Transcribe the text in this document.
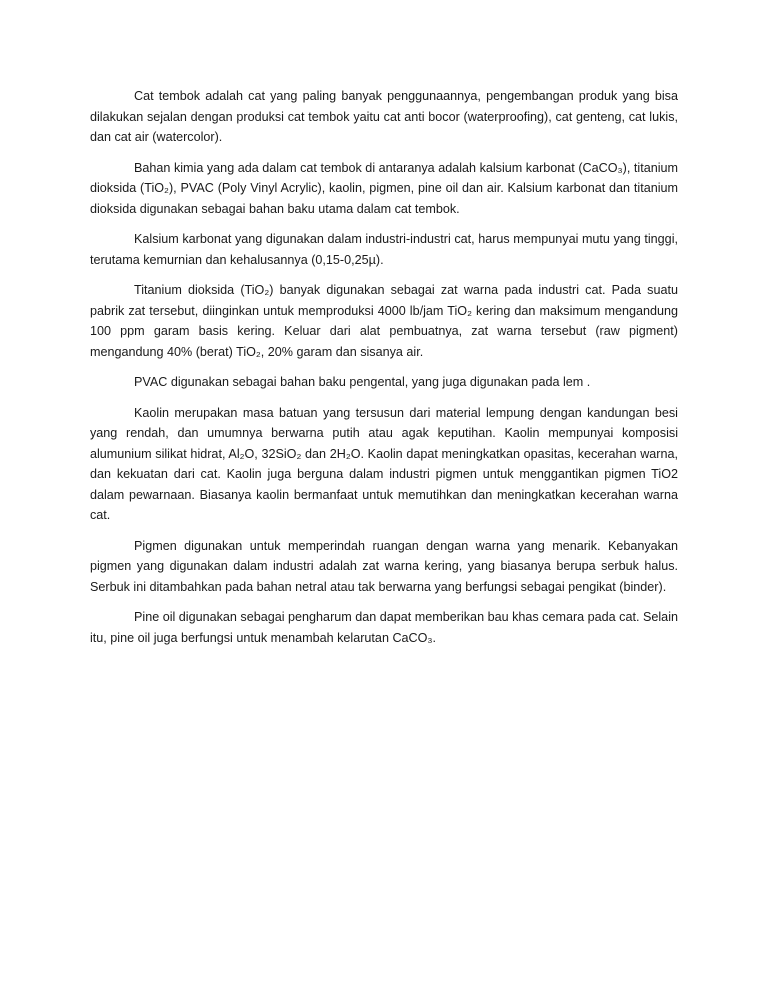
Cat tembok adalah cat yang paling banyak penggunaannya, pengembangan produk yang bisa dilakukan sejalan dengan produksi cat tembok yaitu cat anti bocor (waterproofing), cat genteng, cat lukis, dan cat air (watercolor).

Bahan kimia yang ada dalam cat tembok di antaranya adalah kalsium karbonat (CaCO₃), titanium dioksida (TiO₂), PVAC (Poly Vinyl Acrylic), kaolin, pigmen, pine oil dan air. Kalsium karbonat dan titanium dioksida digunakan sebagai bahan baku utama dalam cat tembok.

Kalsium karbonat yang digunakan dalam industri-industri cat, harus mempunyai mutu yang tinggi, terutama kemurnian dan kehalusannya (0,15-0,25µ).

Titanium dioksida (TiO₂) banyak digunakan sebagai zat warna pada industri cat. Pada suatu pabrik zat tersebut, diinginkan untuk memproduksi 4000 lb/jam TiO₂ kering dan maksimum mengandung 100 ppm garam basis kering. Keluar dari alat pembuatnya, zat warna tersebut (raw pigment) mengandung 40% (berat) TiO₂, 20% garam dan sisanya air.

PVAC digunakan sebagai bahan baku pengental, yang juga digunakan pada lem .

Kaolin merupakan masa batuan yang tersusun dari material lempung dengan kandungan besi yang rendah, dan umumnya berwarna putih atau agak keputihan. Kaolin mempunyai komposisi alumunium silikat hidrat, Al₂O, 32SiO₂ dan 2H₂O. Kaolin dapat meningkatkan opasitas, kecerahan warna, dan kekuatan dari cat. Kaolin juga berguna dalam industri pigmen untuk menggantikan pigmen TiO2 dalam pewarnaan. Biasanya kaolin bermanfaat untuk memutihkan dan meningkatkan kecerahan warna cat.

Pigmen digunakan untuk memperindah ruangan dengan warna yang menarik. Kebanyakan pigmen yang digunakan dalam industri adalah zat warna kering, yang biasanya berupa serbuk halus. Serbuk ini ditambahkan pada bahan netral atau tak berwarna yang berfungsi sebagai pengikat (binder).

Pine oil digunakan sebagai pengharum dan dapat memberikan bau khas cemara pada cat. Selain itu, pine oil juga berfungsi untuk menambah kelarutan CaCO₃.
